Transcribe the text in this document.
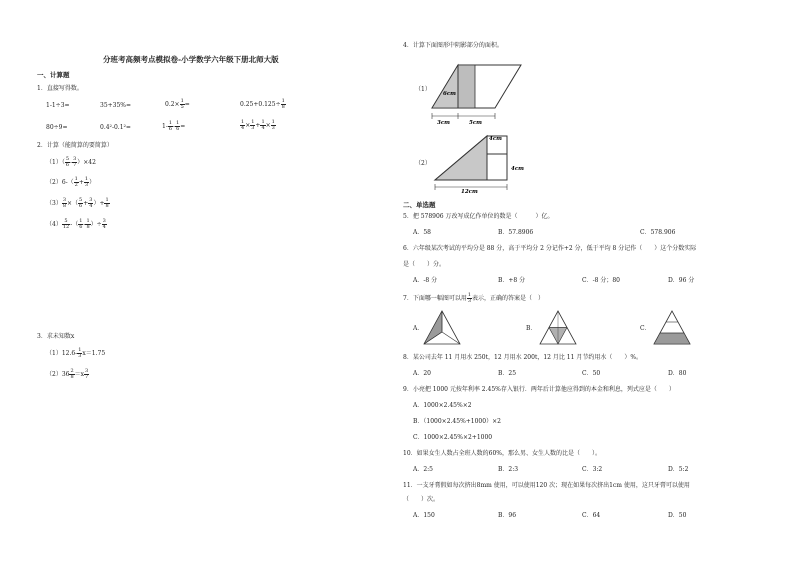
分班考高频考点模拟卷-小学数学六年级下册北师大版
一、计算题
1．直接写得数。
1-1÷3=	35+35%=	$0.2\times \frac{1}{5}$ =	$0.25+0.125\div \frac{1}{8}$
80÷9=	0.4²-0.1²=	$1- \frac{1}{6} - \frac{1}{6}$ =	$\frac{1}{4} \times \frac{1}{3} + \frac{1}{4} \times \frac{1}{3}$
2．计算（能简算的要简算）
$(1)( \frac{5}{6} - \frac{3}{7} )\times 42$
$(2)6-( \frac{1}{2} + \frac{1}{3}$ ）
$(3) \frac{3}{8}$ ×（ $\frac{5}{6} + \frac{3}{4}$ ）+ $\frac{1}{8}$
$(4) \frac{5}{12}$ -（ $\frac{1}{6} - \frac{1}{8}$ ）÷ $\frac{3}{4}$
3．求未知数x
$(1)12.6- \frac{1}{3} x=1.75$
$(2)36 \frac{2}{8} =x \frac{3}{7}$
4．计算下面图形中阴影部分的面积。
（1）
6cm
3cm	5cm
（2）
4cm
4cm
12cm
二、单选题
5．把 578906 万改写成亿作单位的数是（　　　）亿。
A．58	B．57.8906	C．578.906
6．六年级某次考试的平均分是 88 分，高于平均分 2 分记作+2 分，低于平均 8 分记作（　　）这个分数实际
是（　　）分。
A．-8 分	B．+8 分	C．-8 分；80	D．96 分
7．下面哪一幅图可以用 $\frac{1}{3}$ 表示，正确的答案是（　）
A．	B．	C．
8．某公司去年 11 月用水 250t，12 月用水 200t，12 月比 11 月节约用水（　　）%。
A．20	B．25	C．50	D．80
9．小亮把 1000 元按年利率 2.45%存入银行．两年后计算他应得到的本金和利息，列式应是（　　）
A．1000×2.45%×2
B．（1000×2.45%+1000）×2
C．1000×2.45%×2+1000
10．如果女生人数占全班人数的60%，那么男、女生人数的比是（　　）。
A．2:5	B．2:3	C．3:2	D．5:2
11．一支牙膏假如每次挤出8mm 使用，可以使用120 次；现在如果每次挤出1cm 使用，这只牙膏可以使用
（　　）次。
A．150	B．96	C．64	D．50
